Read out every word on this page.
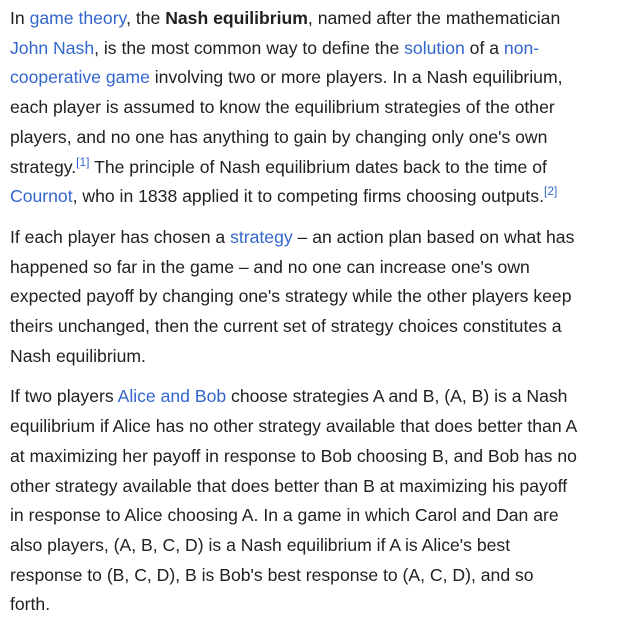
In game theory, the Nash equilibrium, named after the mathematician
John Nash, is the most common way to define the solution of a non-
cooperative game involving two or more players. In a Nash equilibrium,
each player is assumed to know the equilibrium strategies of the other
players, and no one has anything to gain by changing only one's own
strategy.[1] The principle of Nash equilibrium dates back to the time of
Cournot, who in 1838 applied it to competing firms choosing outputs.[2]

If each player has chosen a strategy – an action plan based on what has
happened so far in the game – and no one can increase one's own
expected payoff by changing one's strategy while the other players keep
theirs unchanged, then the current set of strategy choices constitutes a
Nash equilibrium.

If two players Alice and Bob choose strategies A and B, (A, B) is a Nash
equilibrium if Alice has no other strategy available that does better than A
at maximizing her payoff in response to Bob choosing B, and Bob has no
other strategy available that does better than B at maximizing his payoff
in response to Alice choosing A. In a game in which Carol and Dan are
also players, (A, B, C, D) is a Nash equilibrium if A is Alice's best
response to (B, C, D), B is Bob's best response to (A, C, D), and so
forth.
